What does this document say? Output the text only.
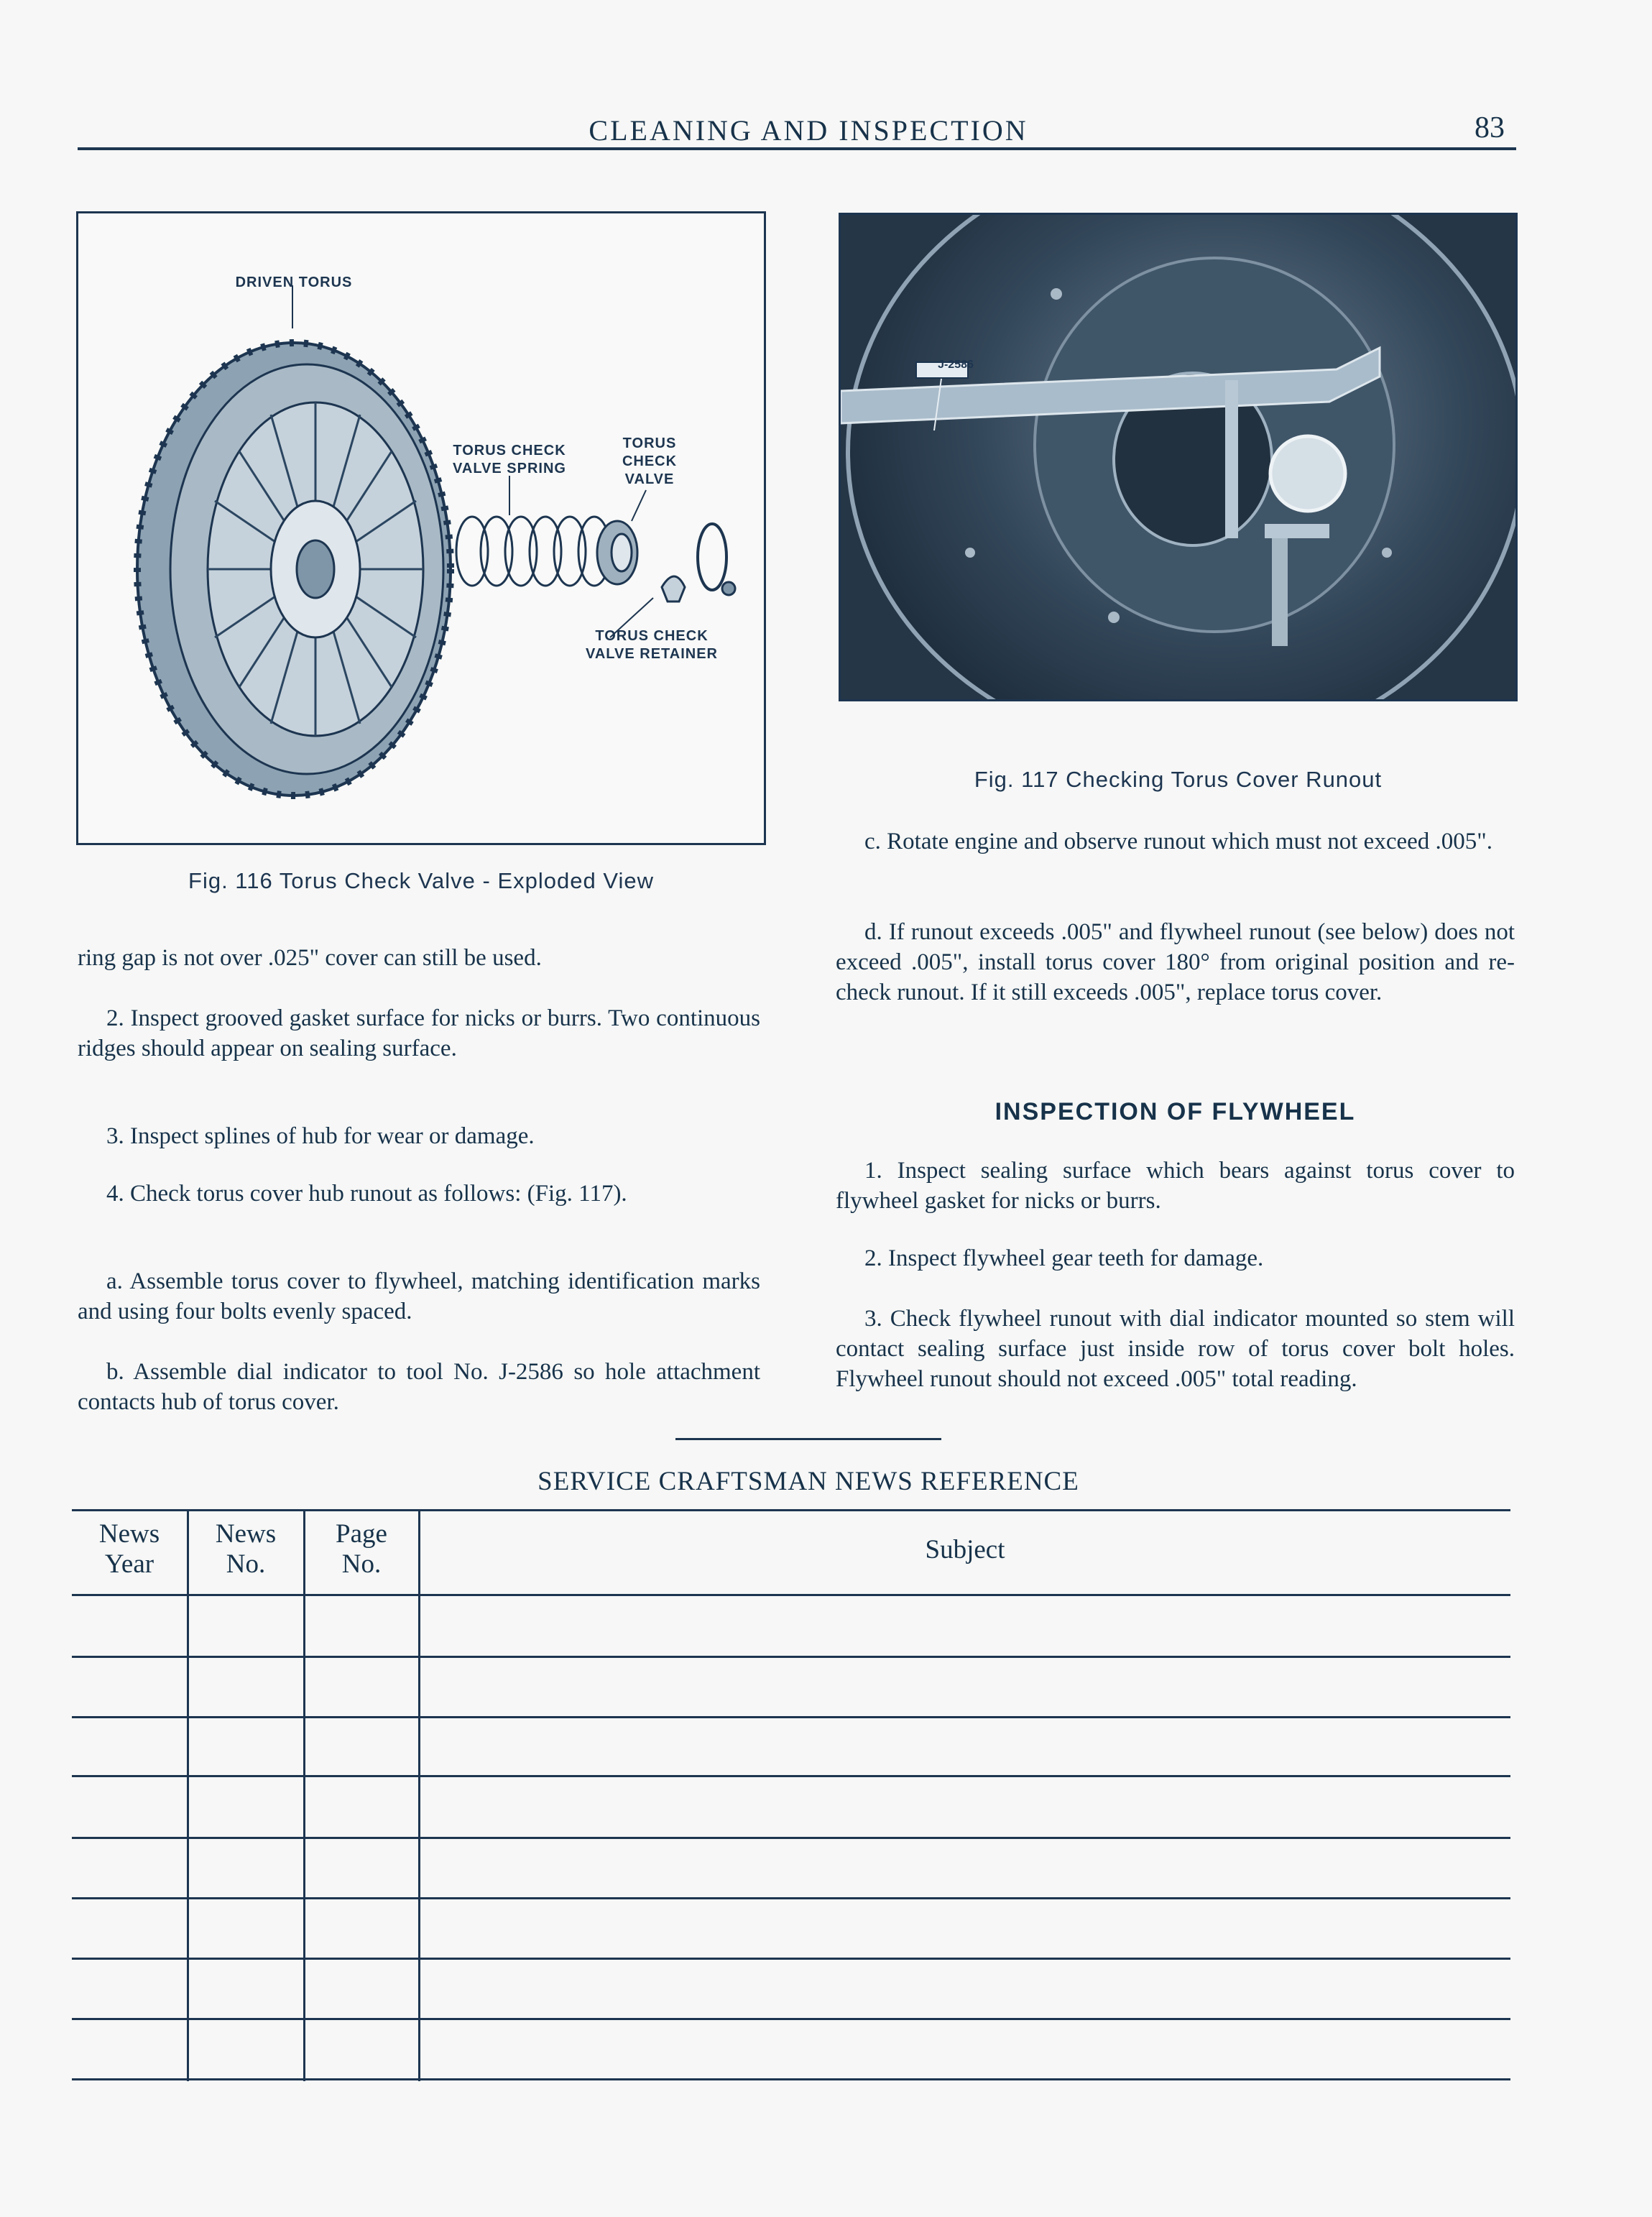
CLEANING AND INSPECTION	83
DRIVEN TORUS
TORUS CHECK
VALVE SPRING
TORUS
CHECK
VALVE
TORUS CHECK
VALVE RETAINER
Fig. 116 Torus Check Valve - Exploded View
J-2586
Fig. 117 Checking Torus Cover Runout

ring gap is not over .025" cover can still be used.

2. Inspect grooved gasket surface for nicks or burrs. Two continuous ridges should appear on sealing surface.

3. Inspect splines of hub for wear or damage.

4. Check torus cover hub runout as follows: (Fig. 117).

a. Assemble torus cover to flywheel, matching identification marks and using four bolts evenly spaced.

b. Assemble dial indicator to tool No. J-2586 so hole attachment contacts hub of torus cover.

c. Rotate engine and observe runout which must not exceed .005".

d. If runout exceeds .005" and flywheel runout (see below) does not exceed .005", install torus cover 180° from original position and re-check runout. If it still exceeds .005", replace torus cover.

INSPECTION OF FLYWHEEL

1. Inspect sealing surface which bears against torus cover to flywheel gasket for nicks or burrs.

2. Inspect flywheel gear teeth for damage.

3. Check flywheel runout with dial indicator mounted so stem will contact sealing surface just inside row of torus cover bolt holes. Flywheel runout should not exceed .005" total reading.

SERVICE CRAFTSMAN NEWS REFERENCE
News
Year
News
No.
Page
No.	Subject
